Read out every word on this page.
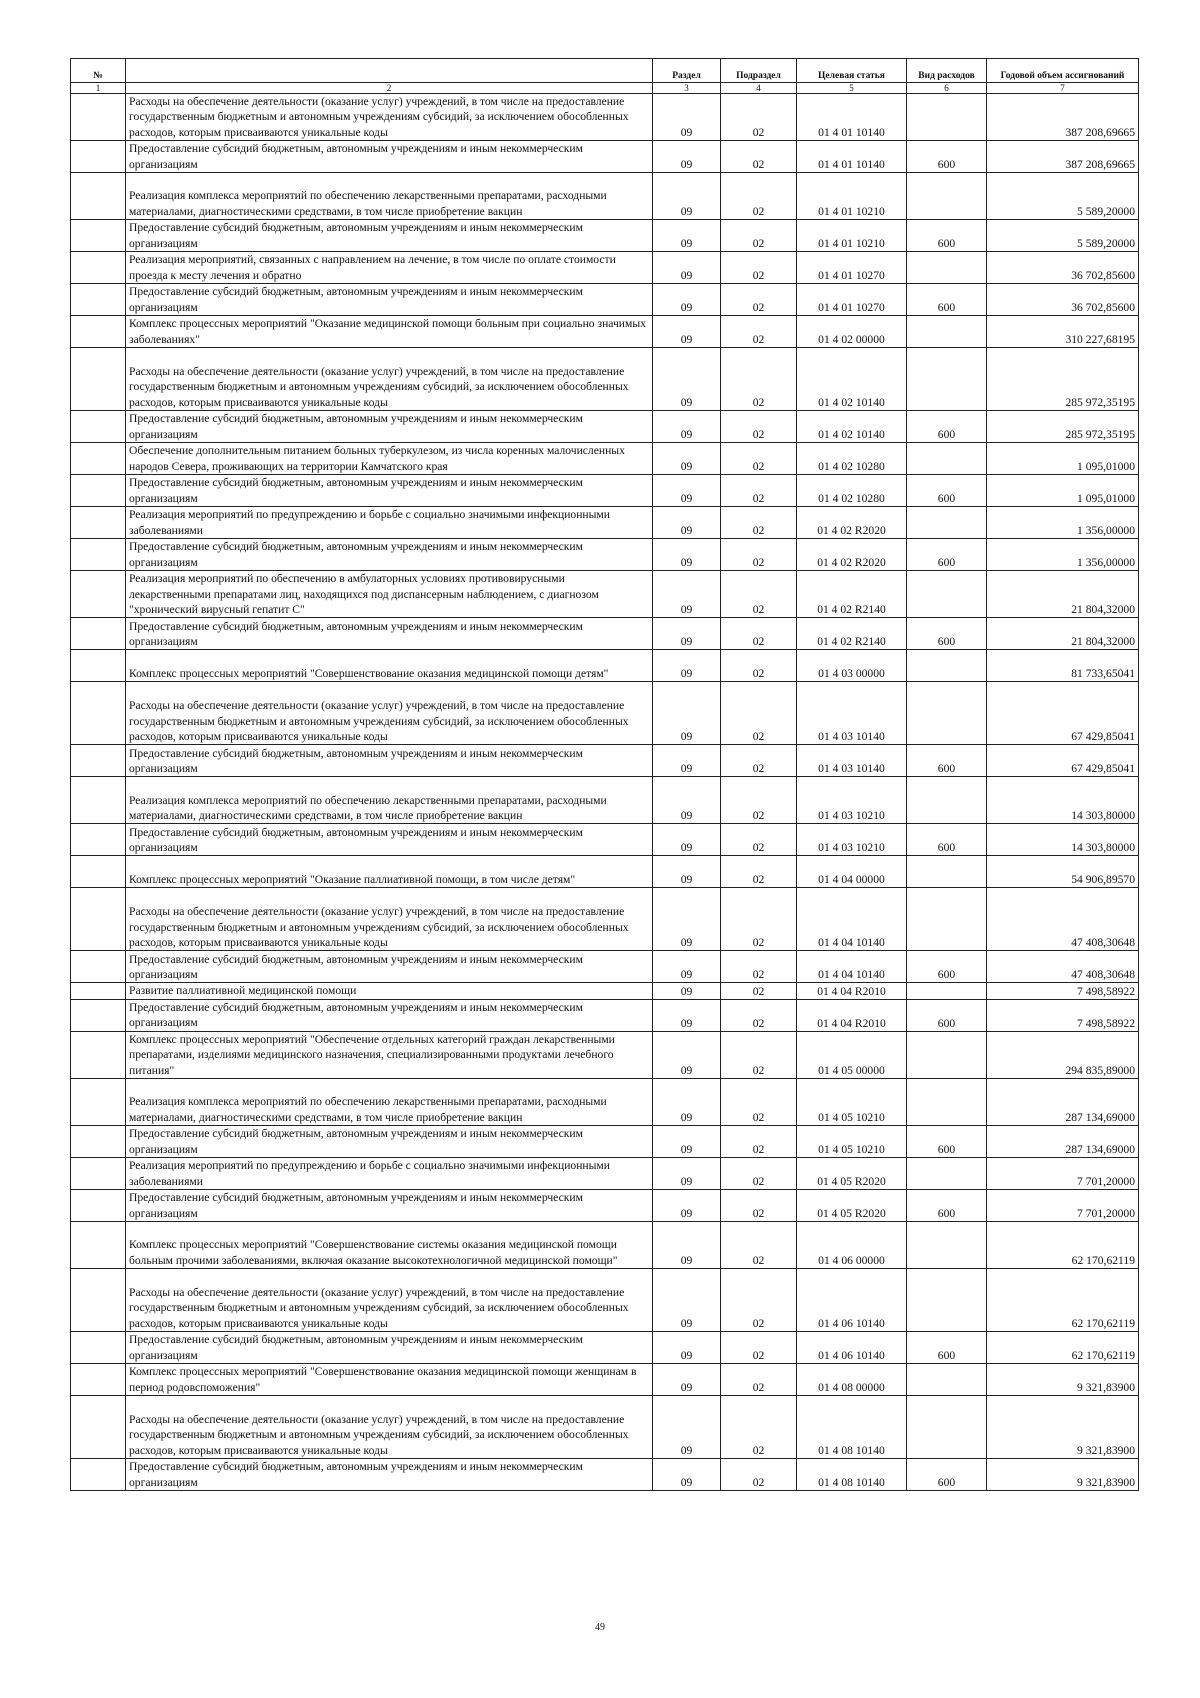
№		Раздел	Подраздел	Целевая статья	Вид расходов	Годовой объем ассигнований
1	2	3	4	5	6	7
	Расходы на обеспечение деятельности (оказание услуг) учреждений, в том числе на предоставление государственным бюджетным и автономным учреждениям субсидий, за исключением обособленных расходов, которым присваиваются уникальные коды	09	02	01 4 01 10140		387 208,69665
	Предоставление субсидий бюджетным, автономным учреждениям и иным некоммерческим организациям	09	02	01 4 01 10140	600	387 208,69665
	Реализация комплекса мероприятий по обеспечению лекарственными препаратами, расходными материалами, диагностическими средствами, в том числе приобретение вакцин	09	02	01 4 01 10210		5 589,20000
	Предоставление субсидий бюджетным, автономным учреждениям и иным некоммерческим организациям	09	02	01 4 01 10210	600	5 589,20000
	Реализация мероприятий, связанных с направлением на лечение, в том числе по оплате стоимости проезда к месту лечения и обратно	09	02	01 4 01 10270		36 702,85600
	Предоставление субсидий бюджетным, автономным учреждениям и иным некоммерческим организациям	09	02	01 4 01 10270	600	36 702,85600
	Комплекс процессных мероприятий "Оказание медицинской помощи больным при социально значимых заболеваниях"	09	02	01 4 02 00000		310 227,68195
	Расходы на обеспечение деятельности (оказание услуг) учреждений, в том числе на предоставление государственным бюджетным и автономным учреждениям субсидий, за исключением обособленных расходов, которым присваиваются уникальные коды	09	02	01 4 02 10140		285 972,35195
	Предоставление субсидий бюджетным, автономным учреждениям и иным некоммерческим организациям	09	02	01 4 02 10140	600	285 972,35195
	Обеспечение дополнительным питанием больных туберкулезом, из числа коренных малочисленных народов Севера, проживающих на территории Камчатского края	09	02	01 4 02 10280		1 095,01000
	Предоставление субсидий бюджетным, автономным учреждениям и иным некоммерческим организациям	09	02	01 4 02 10280	600	1 095,01000
	Реализация мероприятий по предупреждению и борьбе с социально значимыми инфекционными заболеваниями	09	02	01 4 02 R2020		1 356,00000
	Предоставление субсидий бюджетным, автономным учреждениям и иным некоммерческим организациям	09	02	01 4 02 R2020	600	1 356,00000
	Реализация мероприятий по обеспечению в амбулаторных условиях противовирусными лекарственными препаратами лиц, находящихся под диспансерным наблюдением, с диагнозом "хронический вирусный гепатит С"	09	02	01 4 02 R2140		21 804,32000
	Предоставление субсидий бюджетным, автономным учреждениям и иным некоммерческим организациям	09	02	01 4 02 R2140	600	21 804,32000
	Комплекс процессных мероприятий "Совершенствование оказания медицинской помощи детям"	09	02	01 4 03 00000		81 733,65041
	Расходы на обеспечение деятельности (оказание услуг) учреждений, в том числе на предоставление государственным бюджетным и автономным учреждениям субсидий, за исключением обособленных расходов, которым присваиваются уникальные коды	09	02	01 4 03 10140		67 429,85041
	Предоставление субсидий бюджетным, автономным учреждениям и иным некоммерческим организациям	09	02	01 4 03 10140	600	67 429,85041
	Реализация комплекса мероприятий по обеспечению лекарственными препаратами, расходными материалами, диагностическими средствами, в том числе приобретение вакцин	09	02	01 4 03 10210		14 303,80000
	Предоставление субсидий бюджетным, автономным учреждениям и иным некоммерческим организациям	09	02	01 4 03 10210	600	14 303,80000
	Комплекс процессных мероприятий "Оказание паллиативной помощи, в том числе детям"	09	02	01 4 04 00000		54 906,89570
	Расходы на обеспечение деятельности (оказание услуг) учреждений, в том числе на предоставление государственным бюджетным и автономным учреждениям субсидий, за исключением обособленных расходов, которым присваиваются уникальные коды	09	02	01 4 04 10140		47 408,30648
	Предоставление субсидий бюджетным, автономным учреждениям и иным некоммерческим организациям	09	02	01 4 04 10140	600	47 408,30648
	Развитие паллиативной медицинской помощи	09	02	01 4 04 R2010		7 498,58922
	Предоставление субсидий бюджетным, автономным учреждениям и иным некоммерческим организациям	09	02	01 4 04 R2010	600	7 498,58922
	Комплекс процессных мероприятий "Обеспечение отдельных категорий граждан лекарственными препаратами, изделиями медицинского назначения, специализированными продуктами лечебного питания"	09	02	01 4 05 00000		294 835,89000
	Реализация комплекса мероприятий по обеспечению лекарственными препаратами, расходными материалами, диагностическими средствами, в том числе приобретение вакцин	09	02	01 4 05 10210		287 134,69000
	Предоставление субсидий бюджетным, автономным учреждениям и иным некоммерческим организациям	09	02	01 4 05 10210	600	287 134,69000
	Реализация мероприятий по предупреждению и борьбе с социально значимыми инфекционными заболеваниями	09	02	01 4 05 R2020		7 701,20000
	Предоставление субсидий бюджетным, автономным учреждениям и иным некоммерческим организациям	09	02	01 4 05 R2020	600	7 701,20000
	Комплекс процессных мероприятий "Совершенствование системы оказания медицинской помощи больным прочими заболеваниями, включая оказание высокотехнологичной медицинской помощи"	09	02	01 4 06 00000		62 170,62119
	Расходы на обеспечение деятельности (оказание услуг) учреждений, в том числе на предоставление государственным бюджетным и автономным учреждениям субсидий, за исключением обособленных расходов, которым присваиваются уникальные коды	09	02	01 4 06 10140		62 170,62119
	Предоставление субсидий бюджетным, автономным учреждениям и иным некоммерческим организациям	09	02	01 4 06 10140	600	62 170,62119
	Комплекс процессных мероприятий "Совершенствование оказания медицинской помощи женщинам в период родовспоможения"	09	02	01 4 08 00000		9 321,83900
	Расходы на обеспечение деятельности (оказание услуг) учреждений, в том числе на предоставление государственным бюджетным и автономным учреждениям субсидий, за исключением обособленных расходов, которым присваиваются уникальные коды	09	02	01 4 08 10140		9 321,83900
	Предоставление субсидий бюджетным, автономным учреждениям и иным некоммерческим организациям	09	02	01 4 08 10140	600	9 321,83900
49
